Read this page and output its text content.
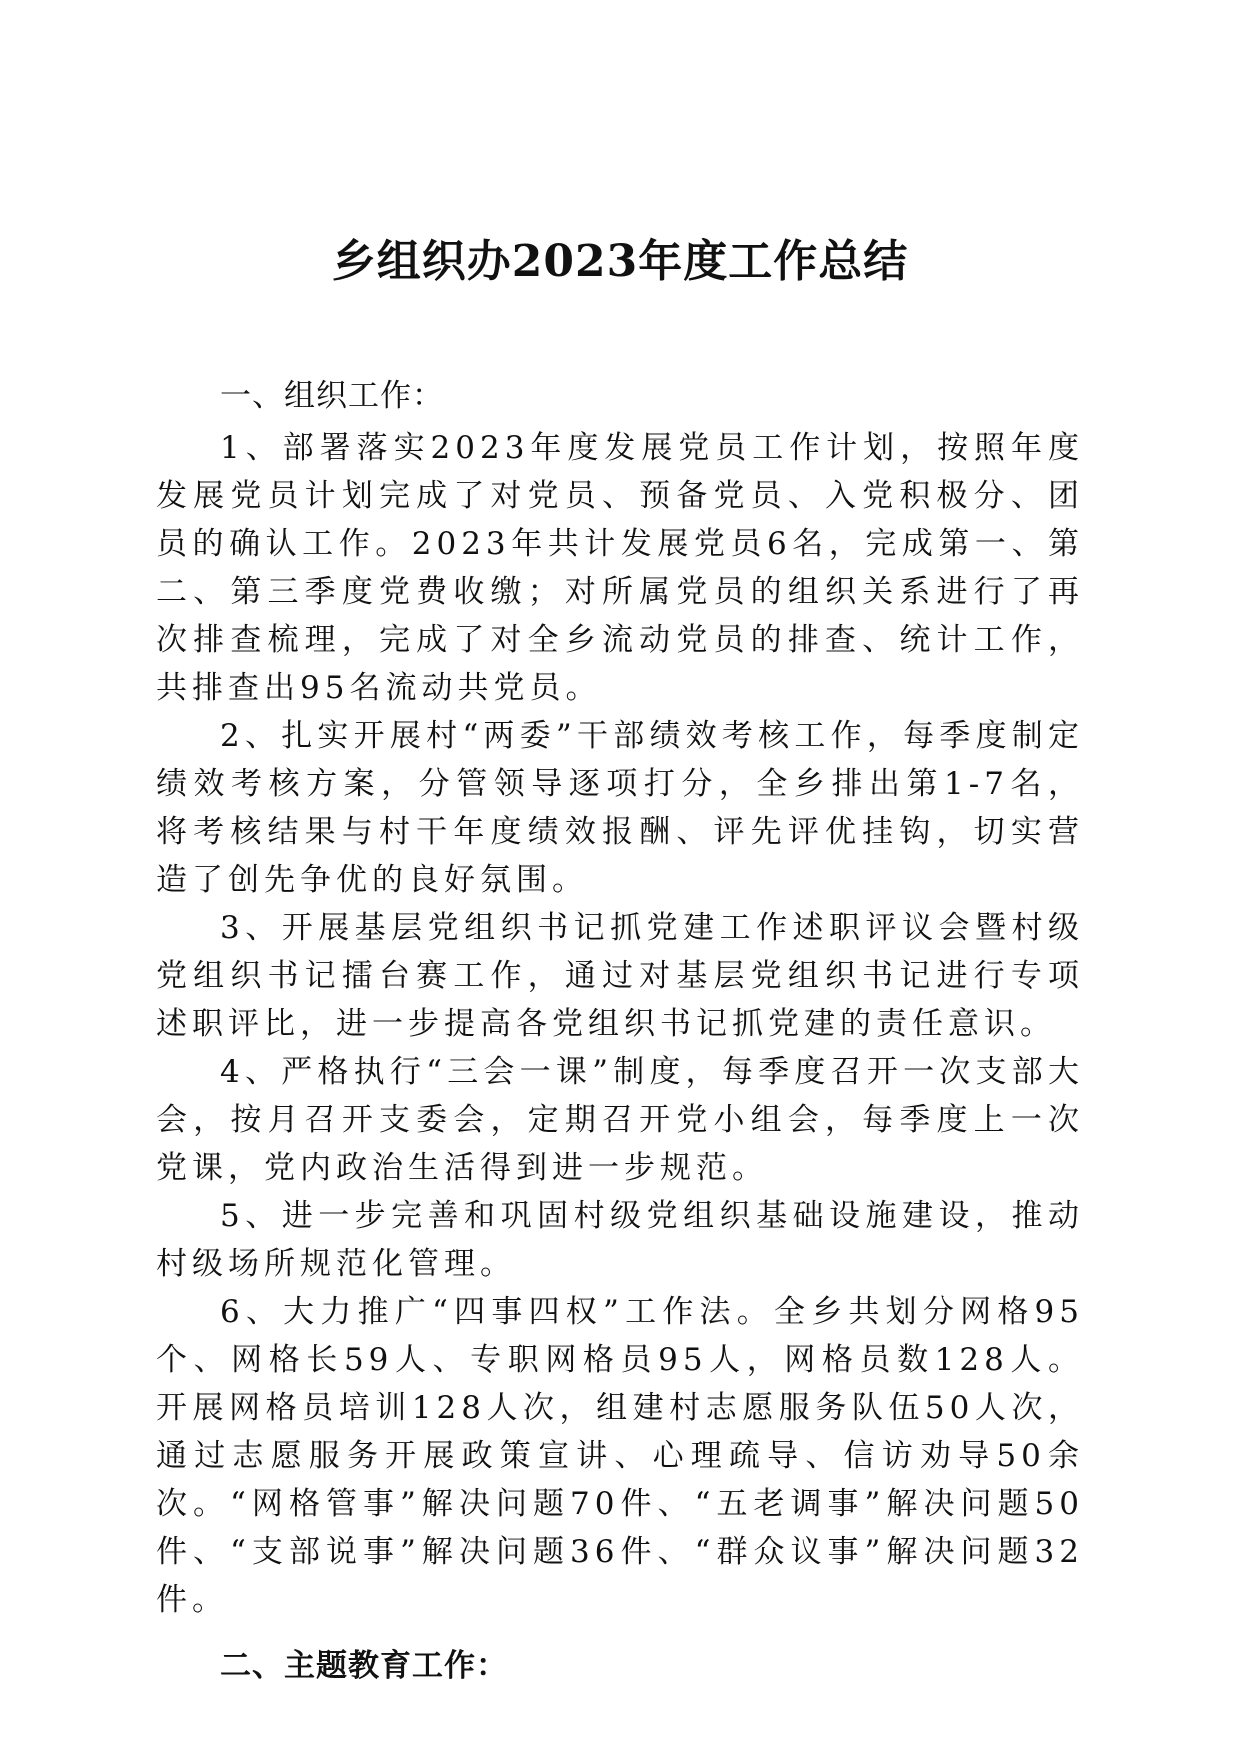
乡组织办2023年度工作总结

一、组织工作：

1、部署落实2023年度发展党员工作计划，按照年度发展党员计划完成了对党员、预备党员、入党积极分、团员的确认工作。2023年共计发展党员6名，完成第一、第二、第三季度党费收缴；对所属党员的组织关系进行了再次排查梳理，完成了对全乡流动党员的排查、统计工作，共排查出95名流动共党员。

2、扎实开展村“两委”干部绩效考核工作，每季度制定绩效考核方案，分管领导逐项打分，全乡排出第1-7名，将考核结果与村干年度绩效报酬、评先评优挂钩，切实营造了创先争优的良好氛围。

3、开展基层党组织书记抓党建工作述职评议会暨村级党组织书记擂台赛工作，通过对基层党组织书记进行专项述职评比，进一步提高各党组织书记抓党建的责任意识。

4、严格执行“三会一课”制度，每季度召开一次支部大会，按月召开支委会，定期召开党小组会，每季度上一次党课，党内政治生活得到进一步规范。

5、进一步完善和巩固村级党组织基础设施建设，推动村级场所规范化管理。

6、大力推广“四事四权”工作法。全乡共划分网格95个、网格长59人、专职网格员95人，网格员数128人。开展网格员培训128人次，组建村志愿服务队伍50人次，通过志愿服务开展政策宣讲、心理疏导、信访劝导50余次。“网格管事”解决问题70件、“五老调事”解决问题50件、“支部说事”解决问题36件、“群众议事”解决问题32件。

二、主题教育工作：
